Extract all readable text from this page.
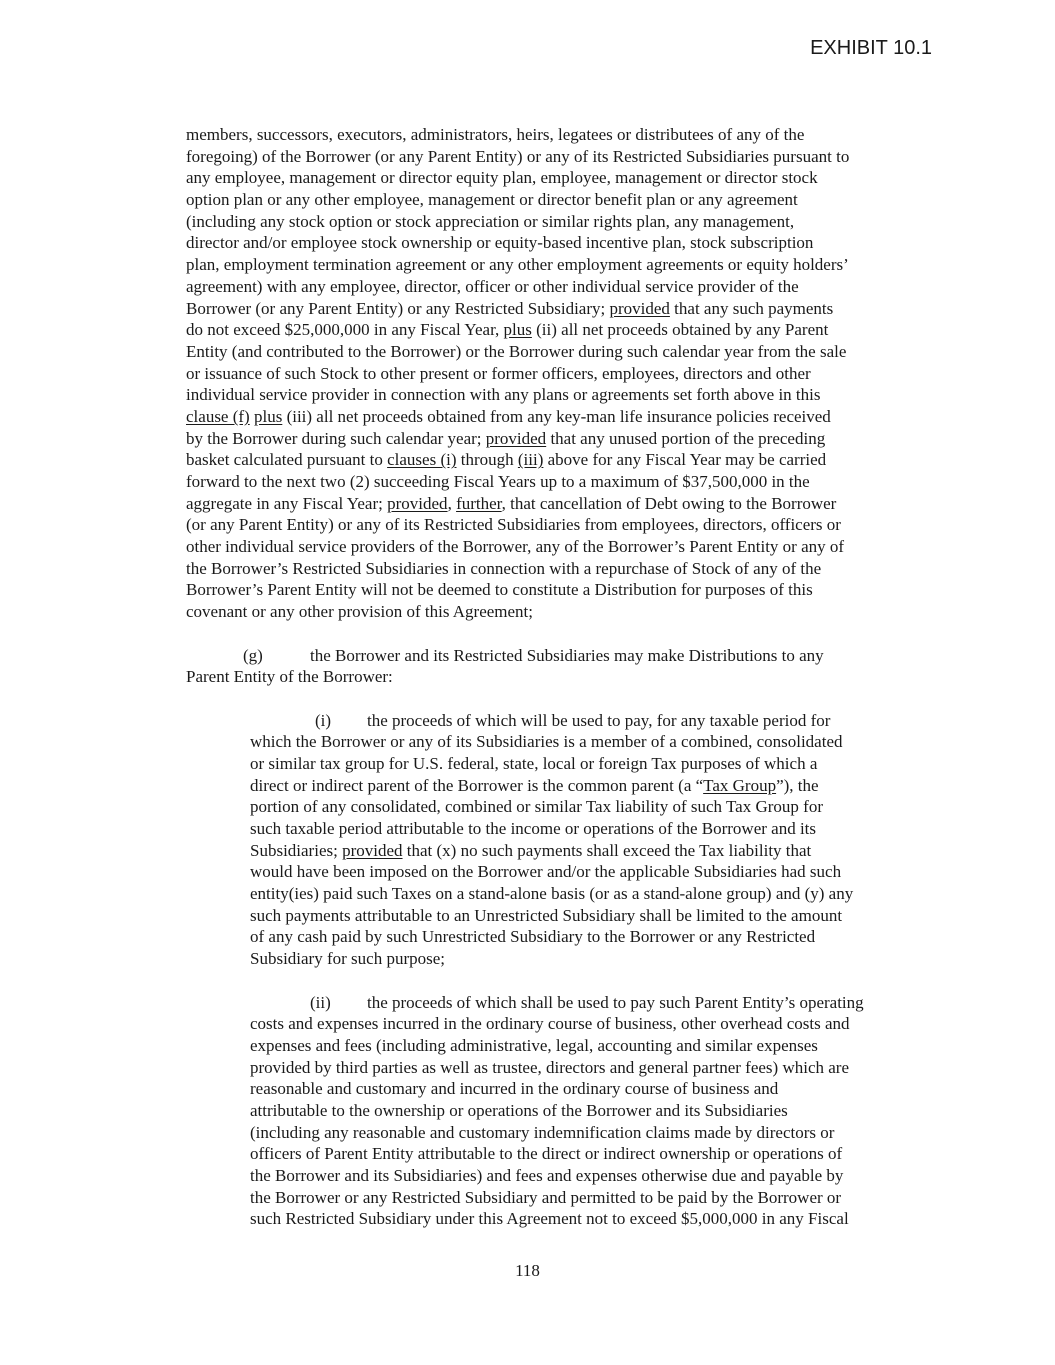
EXHIBIT 10.1
members, successors, executors, administrators, heirs, legatees or distributees of any of the
foregoing) of the Borrower (or any Parent Entity) or any of its Restricted Subsidiaries pursuant to
any employee, management or director equity plan, employee, management or director stock
option plan or any other employee, management or director benefit plan or any agreement
(including any stock option or stock appreciation or similar rights plan, any management,
director and/or employee stock ownership or equity-based incentive plan, stock subscription
plan, employment termination agreement or any other employment agreements or equity holders’
agreement) with any employee, director, officer or other individual service provider of the
Borrower (or any Parent Entity) or any Restricted Subsidiary; provided that any such payments
do not exceed $25,000,000 in any Fiscal Year, plus (ii) all net proceeds obtained by any Parent
Entity (and contributed to the Borrower) or the Borrower during such calendar year from the sale
or issuance of such Stock to other present or former officers, employees, directors and other
individual service provider in connection with any plans or agreements set forth above in this
clause (f) plus (iii) all net proceeds obtained from any key-man life insurance policies received
by the Borrower during such calendar year; provided that any unused portion of the preceding
basket calculated pursuant to clauses (i) through (iii) above for any Fiscal Year may be carried
forward to the next two (2) succeeding Fiscal Years up to a maximum of $37,500,000 in the
aggregate in any Fiscal Year; provided, further, that cancellation of Debt owing to the Borrower
(or any Parent Entity) or any of its Restricted Subsidiaries from employees, directors, officers or
other individual service providers of the Borrower, any of the Borrower’s Parent Entity or any of
the Borrower’s Restricted Subsidiaries in connection with a repurchase of Stock of any of the
Borrower’s Parent Entity will not be deemed to constitute a Distribution for purposes of this
covenant or any other provision of this Agreement;
(g)	the Borrower and its Restricted Subsidiaries may make Distributions to any
Parent Entity of the Borrower:
(i) the proceeds of which will be used to pay, for any taxable period for
which the Borrower or any of its Subsidiaries is a member of a combined, consolidated
or similar tax group for U.S. federal, state, local or foreign Tax purposes of which a
direct or indirect parent of the Borrower is the common parent (a “Tax Group”), the
portion of any consolidated, combined or similar Tax liability of such Tax Group for
such taxable period attributable to the income or operations of the Borrower and its
Subsidiaries; provided that (x) no such payments shall exceed the Tax liability that
would have been imposed on the Borrower and/or the applicable Subsidiaries had such
entity(ies) paid such Taxes on a stand-alone basis (or as a stand-alone group) and (y) any
such payments attributable to an Unrestricted Subsidiary shall be limited to the amount
of any cash paid by such Unrestricted Subsidiary to the Borrower or any Restricted
Subsidiary for such purpose;
(ii) the proceeds of which shall be used to pay such Parent Entity’s operating
costs and expenses incurred in the ordinary course of business, other overhead costs and
expenses and fees (including administrative, legal, accounting and similar expenses
provided by third parties as well as trustee, directors and general partner fees) which are
reasonable and customary and incurred in the ordinary course of business and
attributable to the ownership or operations of the Borrower and its Subsidiaries
(including any reasonable and customary indemnification claims made by directors or
officers of Parent Entity attributable to the direct or indirect ownership or operations of
the Borrower and its Subsidiaries) and fees and expenses otherwise due and payable by
the Borrower or any Restricted Subsidiary and permitted to be paid by the Borrower or
such Restricted Subsidiary under this Agreement not to exceed $5,000,000 in any Fiscal
118
